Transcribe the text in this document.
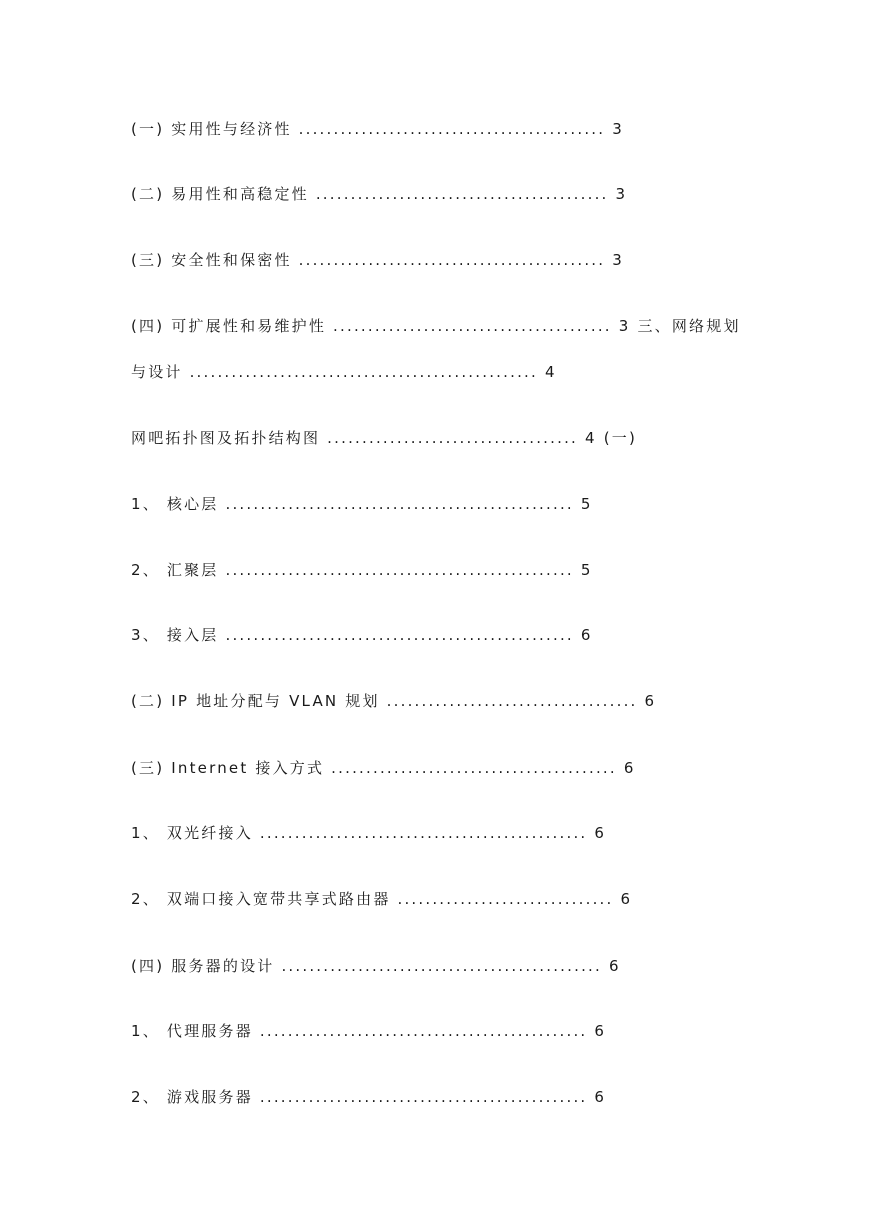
(一) 实用性与经济性 ............................................ 3
(二) 易用性和高稳定性 .......................................... 3
(三) 安全性和保密性 ............................................ 3
(四) 可扩展性和易维护性 ........................................ 3 三、网络规划
与设计 .................................................. 4
网吧拓扑图及拓扑结构图 .................................... 4 (一)
1、 核心层 .................................................. 5
2、 汇聚层 .................................................. 5
3、 接入层 .................................................. 6
(二) IP 地址分配与 VLAN 规划 .................................... 6
(三) Internet 接入方式 ......................................... 6
1、 双光纤接入 ............................................... 6
2、 双端口接入宽带共享式路由器 ............................... 6
(四) 服务器的设计 .............................................. 6
1、 代理服务器 ............................................... 6
2、 游戏服务器 ............................................... 6
